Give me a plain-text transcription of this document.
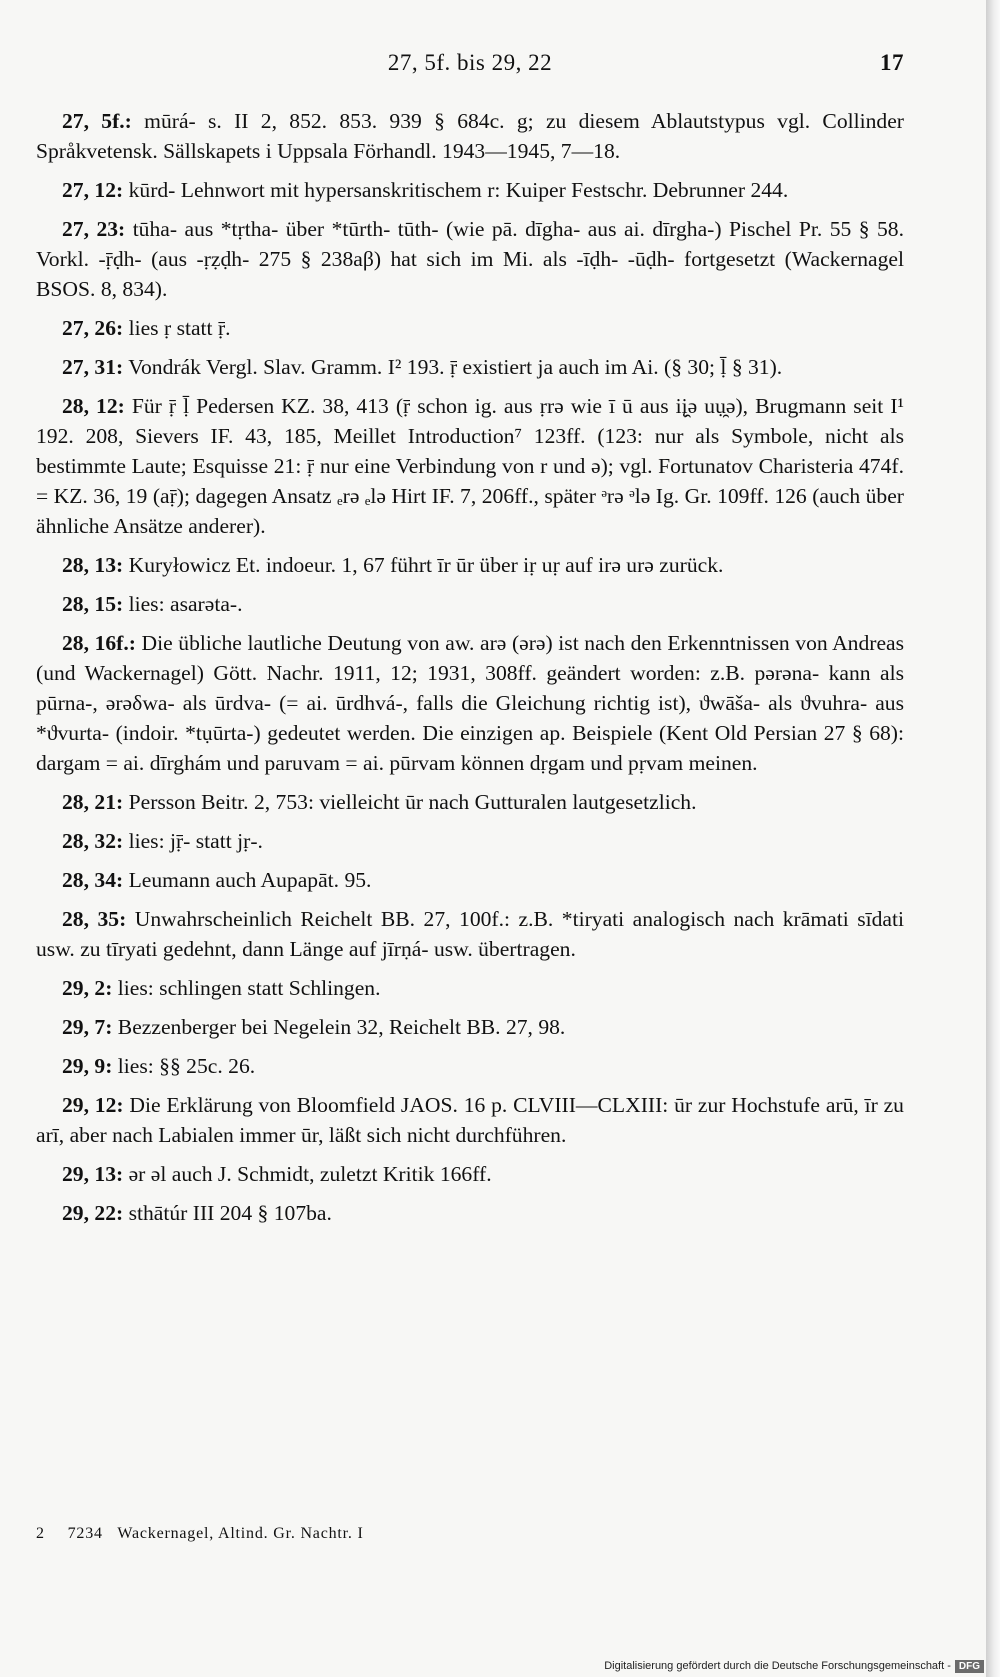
27, 5f. bis 29, 22	17

27, 5f.: mūrá- s. II 2, 852. 853. 939 § 684c. g; zu diesem Ablautstypus vgl. Collinder Språkvetensk. Sällskapets i Uppsala Förhandl. 1943—1945, 7—18.

27, 12: kūrd- Lehnwort mit hypersanskritischem r: Kuiper Festschr. Debrunner 244.

27, 23: tūha- aus *tṛtha- über *tūrth- tūth- (wie pā. dīgha- aus ai. dīrgha-) Pischel Pr. 55 § 58. Vorkl. -ṝḍh- (aus -ṛẓḍh- 275 § 238aβ) hat sich im Mi. als -īḍh- -ūḍh- fortgesetzt (Wackernagel BSOS. 8, 834).

27, 26: lies ṛ statt ṝ.

27, 31: Vondrák Vergl. Slav. Gramm. I² 193. ṝ existiert ja auch im Ai. (§ 30; ḹ § 31).

28, 12: Für ṝ ḹ Pedersen KZ. 38, 413 (ṝ schon ig. aus ṛrə wie ī ū aus iį̯ə uụ̯ə), Brugmann seit I¹ 192. 208, Sievers IF. 43, 185, Meillet Introduction⁷ 123ff. (123: nur als Symbole, nicht als bestimmte Laute; Esquisse 21: ṝ nur eine Verbindung von r und ə); vgl. Fortunatov Charisteria 474f. = KZ. 36, 19 (aṝ); dagegen Ansatz ₑrə ₑlə Hirt IF. 7, 206ff., später ᵊrə ᵊlə Ig. Gr. 109ff. 126 (auch über ähnliche Ansätze anderer).

28, 13: Kuryłowicz Et. indoeur. 1, 67 führt īr ūr über iṛ uṛ auf irə urə zurück.

28, 15: lies: asarəta-.

28, 16f.: Die übliche lautliche Deutung von aw. arə (ərə) ist nach den Erkenntnissen von Andreas (und Wackernagel) Gött. Nachr. 1911, 12; 1931, 308ff. geändert worden: z.B. pərəna- kann als pūrna-, ərəδwa- als ūrdva- (= ai. ūrdhvá-, falls die Gleichung richtig ist), ϑwāša- als ϑvuhra- aus *ϑvurta- (indoir. *tụūrta-) gedeutet werden. Die einzigen ap. Beispiele (Kent Old Persian 27 § 68): dargam = ai. dīrghám und paruvam = ai. pūrvam können dṛgam und pṛvam meinen.

28, 21: Persson Beitr. 2, 753: vielleicht ūr nach Gutturalen lautgesetzlich.

28, 32: lies: jṝ- statt jṛ-.

28, 34: Leumann auch Aupapāt. 95.

28, 35: Unwahrscheinlich Reichelt BB. 27, 100f.: z.B. *tiryati analogisch nach krāmati sīdati usw. zu tīryati gedehnt, dann Länge auf jīrṇá- usw. übertragen.

29, 2: lies: schlingen statt Schlingen.

29, 7: Bezzenberger bei Negelein 32, Reichelt BB. 27, 98.

29, 9: lies: §§ 25c. 26.

29, 12: Die Erklärung von Bloomfield JAOS. 16 p. CLVIII—CLXIII: ūr zur Hochstufe arū, īr zu arī, aber nach Labialen immer ūr, läßt sich nicht durchführen.

29, 13: ər əl auch J. Schmidt, zuletzt Kritik 166ff.

29, 22: sthātúr III 204 § 107ba.

2 7234 Wackernagel, Altind. Gr. Nachtr. I
Digitalisierung gefördert durch die Deutsche Forschungsgemeinschaft - DFG
